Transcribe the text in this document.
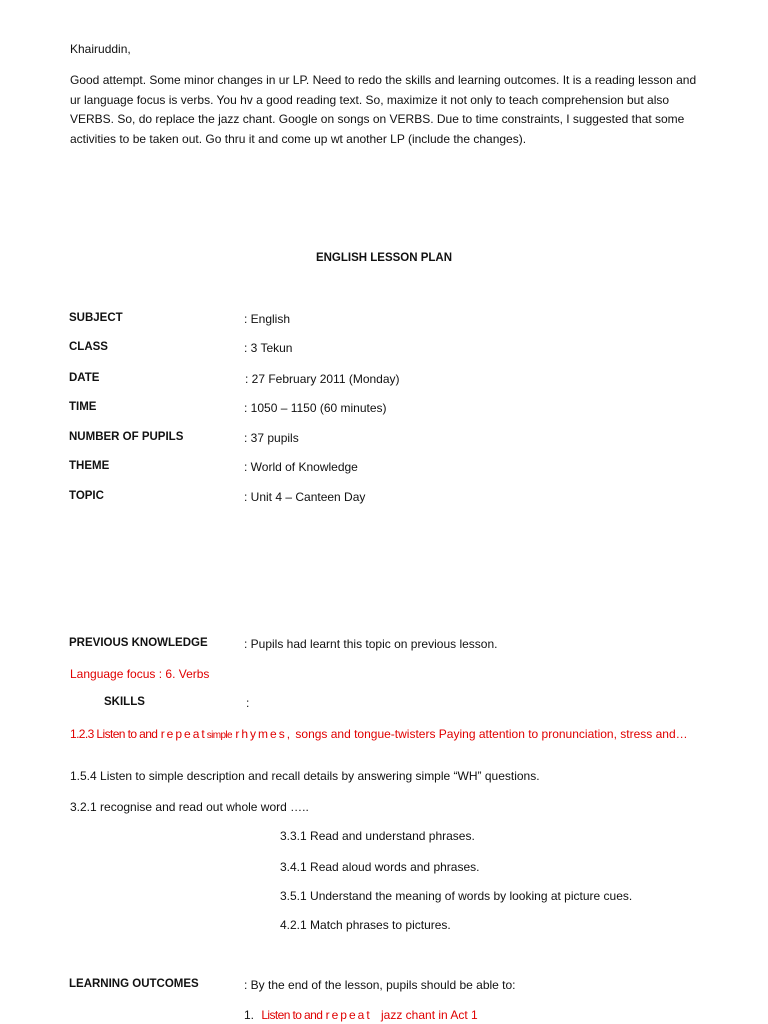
Khairuddin,
Good attempt. Some minor changes in ur LP. Need to redo the skills and learning outcomes. It is a reading lesson and ur language focus is verbs. You hv a good reading text. So, maximize it not only to teach comprehension but also VERBS. So, do replace the jazz chant. Google on songs on VERBS. Due to time constraints, I suggested that some activities to be taken out. Go thru it and come up wt another LP (include the changes).
ENGLISH LESSON PLAN
SUBJECT	: English
CLASS	: 3 Tekun
DATE	: 27 February 2011 (Monday)
TIME	: 1050 – 1150 (60 minutes)
NUMBER OF PUPILS	: 37 pupils
THEME	: World of Knowledge
TOPIC	: Unit 4 – Canteen Day
PREVIOUS KNOWLEDGE	: Pupils had learnt this topic on previous lesson.
Language focus : 6. Verbs
SKILLS	:
1.2.3 Listen to and repeatsimple rhymes, songs and tongue-twisters Paying attention to pronunciation, stress and…
1.5.4 Listen to simple description and recall details by answering simple “WH” questions.
3.2.1 recognise and read out whole word …..
3.3.1 Read and understand phrases.
3.4.1 Read aloud words and phrases.
3.5.1 Understand the meaning of words by looking at picture cues.
4.2.1 Match phrases to pictures.
LEARNING OUTCOMES	: By the end of the lesson, pupils should be able to:
1. Listen to and repeat jazz chant in Act 1
